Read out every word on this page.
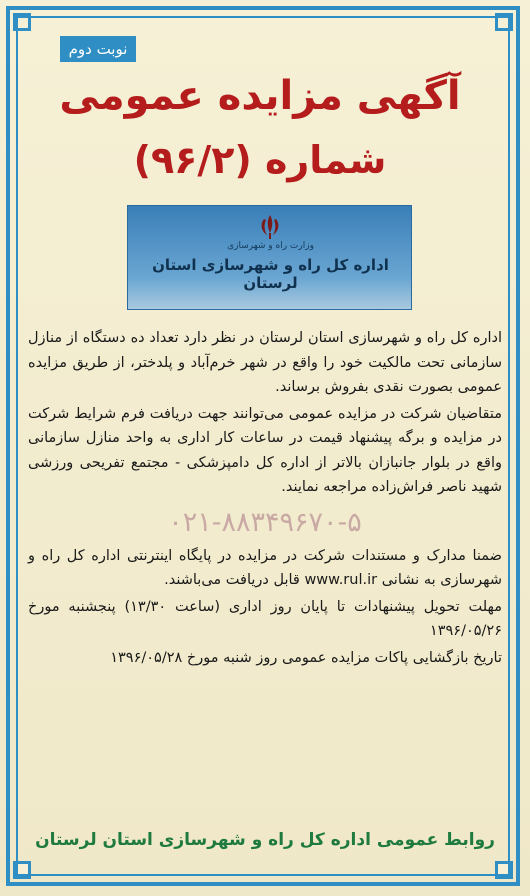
نوبت دوم
آگهی مزایده عمومی
شماره (۹۶/۲)
وزارت راه و شهرسازی
اداره کل راه و شهرسازی استان لرستان

اداره کل راه و شهرسازی استان لرستان در نظر دارد تعداد ده دستگاه از منازل سازمانی تحت مالکیت خود را واقع در شهر خرم‌آباد و پلدختر، از طریق مزایده عمومی بصورت نقدی بفروش برساند.

متقاضیان شرکت در مزایده عمومی می‌توانند جهت دریافت فرم شرایط شرکت در مزایده و برگه پیشنهاد قیمت در ساعات کار اداری به واحد منازل سازمانی واقع در بلوار جانبازان بالاتر از اداره کل دامپزشکی - مجتمع تفریحی ورزشی شهید ناصر فراش‌زاده مراجعه نمایند.

۰۲۱-۸۸۳۴۹۶۷۰-۵

ضمنا مدارک و مستندات شرکت در مزایده در پایگاه اینترنتی اداره کل راه و شهرسازی به نشانی www.rul.ir قابل دریافت می‌باشند.

مهلت تحویل پیشنهادات تا پایان روز اداری (ساعت ۱۳/۳۰) پنجشنبه مورخ ۱۳۹۶/۰۵/۲۶

تاریخ بازگشایی پاکات مزایده عمومی روز شنبه مورخ ۱۳۹۶/۰۵/۲۸

روابط عمومی اداره کل راه و شهرسازی استان لرستان
